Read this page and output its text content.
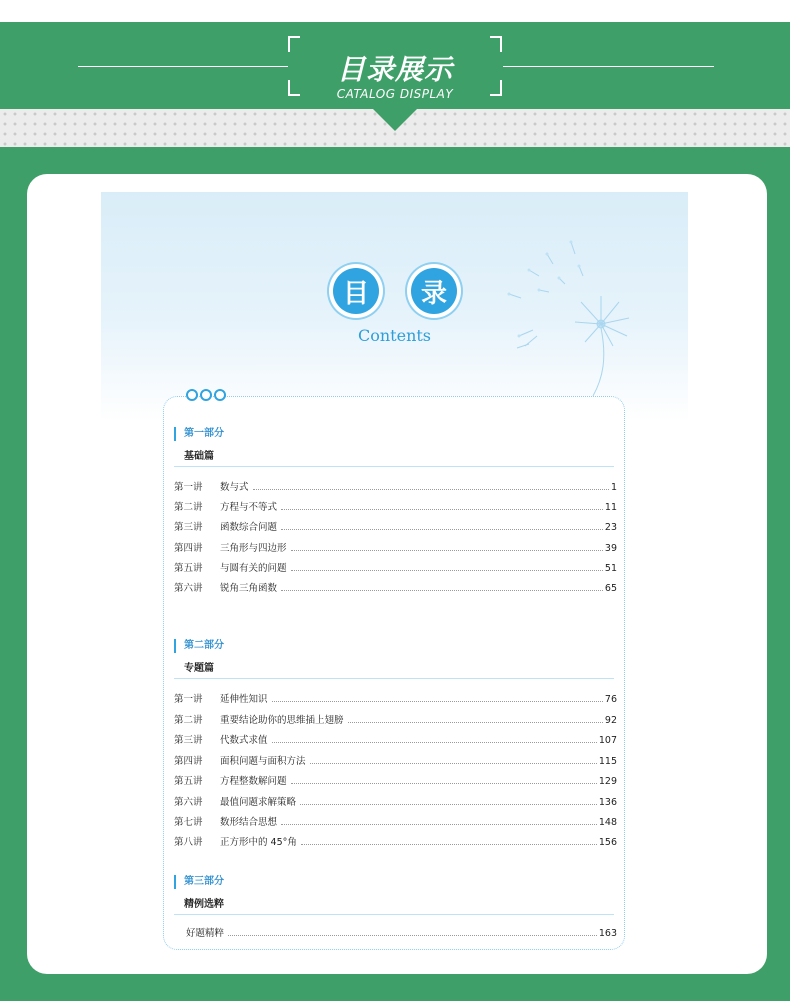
目录展示
CATALOG DISPLAY
目	录
Contents
第一部分
基础篇
第一讲	数与式	1
第二讲	方程与不等式	11
第三讲	函数综合问题	23
第四讲	三角形与四边形	39
第五讲	与圆有关的问题	51
第六讲	锐角三角函数	65
第二部分
专题篇
第一讲	延伸性知识	76
第二讲	重要结论助你的思维插上翅膀	92
第三讲	代数式求值	107
第四讲	面积问题与面积方法	115
第五讲	方程整数解问题	129
第六讲	最值问题求解策略	136
第七讲	数形结合思想	148
第八讲	正方形中的 45°角	156
第三部分
精例选粹
好题精粹	163
